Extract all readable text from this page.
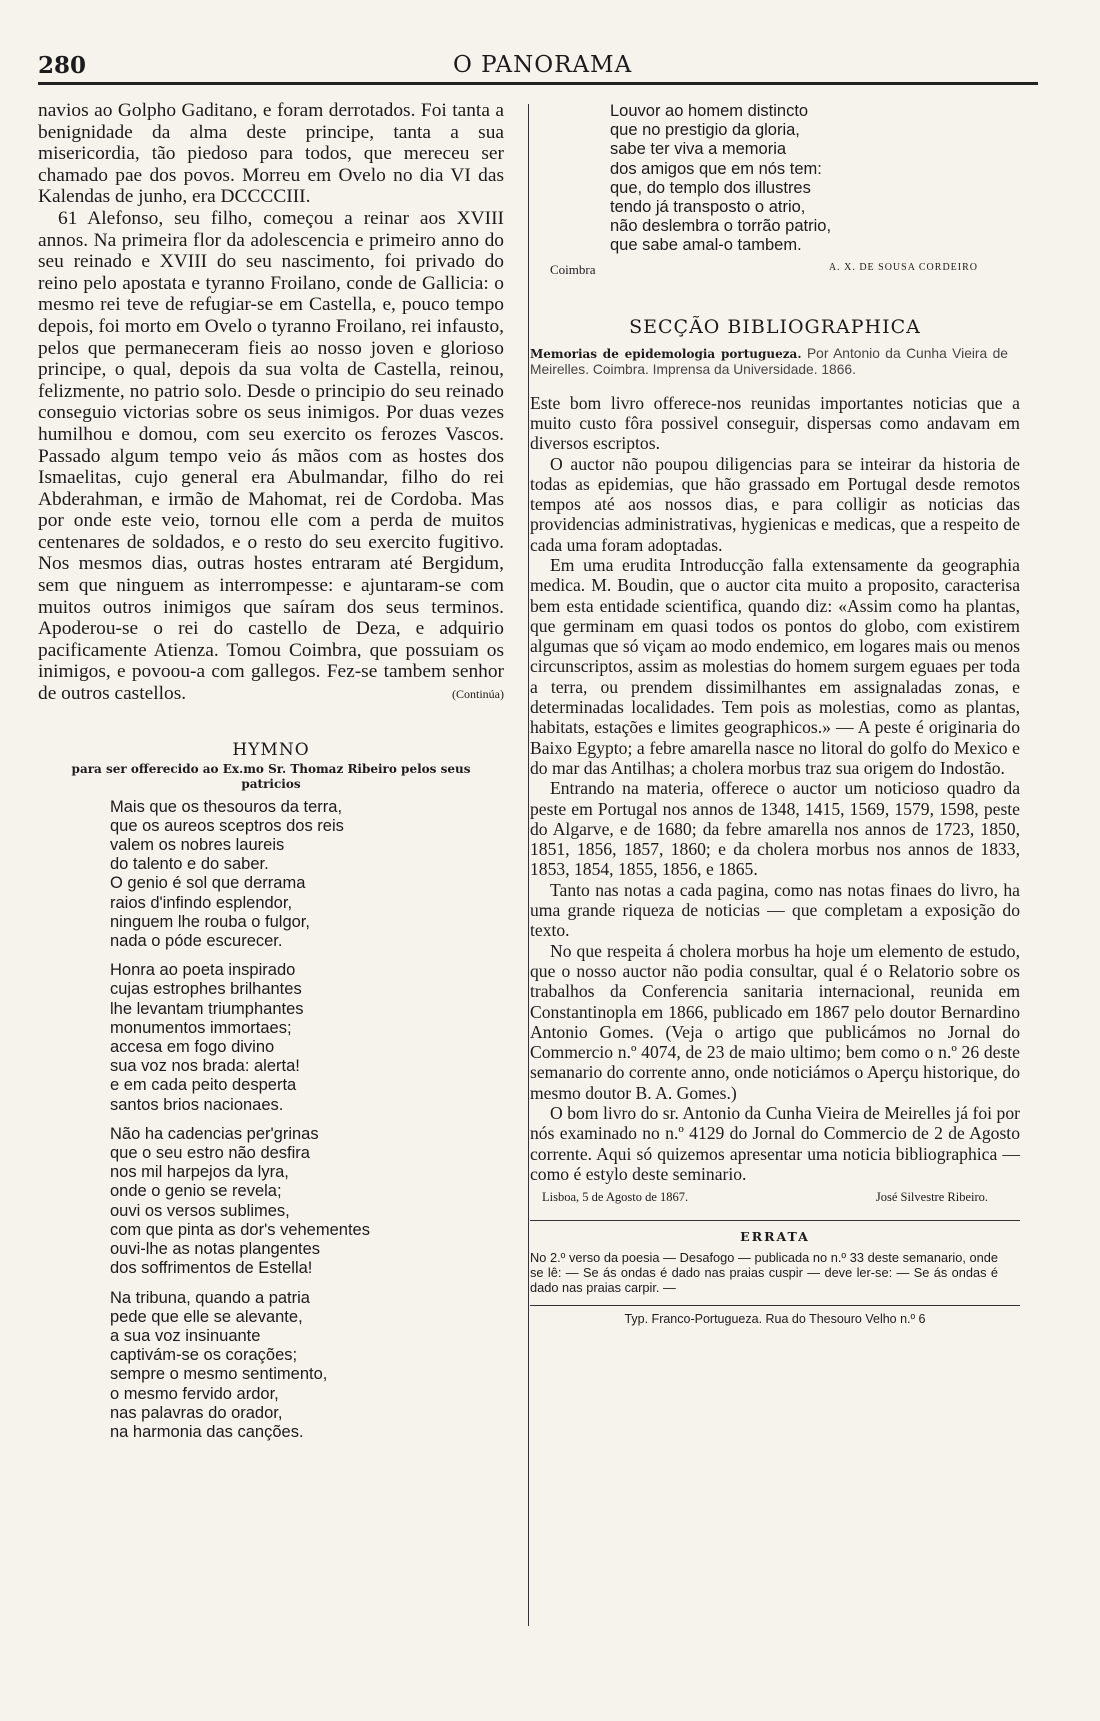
280	O PANORAMA

navios ao Golpho Gaditano, e foram derrotados. Foi tanta a benignidade da alma deste principe, tanta a sua misericordia, tão piedoso para todos, que mereceu ser chamado pae dos povos. Morreu em Ovelo no dia VI das Kalendas de junho, era DCCCCIII.

61 Alefonso, seu filho, começou a reinar aos XVIII annos. Na primeira flor da adolescencia e primeiro anno do seu reinado e XVIII do seu nascimento, foi privado do reino pelo apostata e tyranno Froilano, conde de Gallicia: o mesmo rei teve de refugiar-se em Castella, e, pouco tempo depois, foi morto em Ovelo o tyranno Froilano, rei infausto, pelos que permaneceram fieis ao nosso joven e glorioso principe, o qual, depois da sua volta de Castella, reinou, felizmente, no patrio solo. Desde o principio do seu reinado conseguio victorias sobre os seus inimigos. Por duas vezes humilhou e domou, com seu exercito os ferozes Vascos. Passado algum tempo veio ás mãos com as hostes dos Ismaelitas, cujo general era Abulmandar, filho do rei Abderahman, e irmão de Mahomat, rei de Cordoba. Mas por onde este veio, tornou elle com a perda de muitos centenares de soldados, e o resto do seu exercito fugitivo. Nos mesmos dias, outras hostes entraram até Bergidum, sem que ninguem as interrompesse: e ajuntaram-se com muitos outros inimigos que saíram dos seus terminos. Apoderou-se o rei do castello de Deza, e adquirio pacificamente Atienza. Tomou Coimbra, que possuiam os inimigos, e povoou-a com gallegos. Fez-se tambem senhor de outros castellos.	(Continúa)
HYMNO
para ser offerecido ao Ex.mo Sr. Thomaz Ribeiro pelos seus patricios
Mais que os thesouros da terra,
que os aureos sceptros dos reis
valem os nobres laureis
do talento e do saber.
O genio é sol que derrama
raios d'infindo esplendor,
ninguem lhe rouba o fulgor,
nada o póde escurecer.
Honra ao poeta inspirado
cujas estrophes brilhantes
lhe levantam triumphantes
monumentos immortaes;
accesa em fogo divino
sua voz nos brada: alerta!
e em cada peito desperta
santos brios nacionaes.
Não ha cadencias per'grinas
que o seu estro não desfira
nos mil harpejos da lyra,
onde o genio se revela;
ouvi os versos sublimes,
com que pinta as dor's vehementes
ouvi-lhe as notas plangentes
dos soffrimentos de Estella!
Na tribuna, quando a patria
pede que elle se alevante,
a sua voz insinuante
captivám-se os corações;
sempre o mesmo sentimento,
o mesmo fervido ardor,
nas palavras do orador,
na harmonia das canções.
Louvor ao homem distincto
que no prestigio da gloria,
sabe ter viva a memoria
dos amigos que em nós tem:
que, do templo dos illustres
tendo já transposto o atrio,
não deslembra o torrão patrio,
que sabe amal-o tambem.
Coimbra	A. X. DE SOUSA CORDEIRO
SECÇÃO BIBLIOGRAPHICA
Memorias de epidemologia portugueza. Por Antonio da Cunha Vieira de Meirelles. Coimbra. Imprensa da Universidade. 1866.

Este bom livro offerece-nos reunidas importantes noticias que a muito custo fôra possivel conseguir, dispersas como andavam em diversos escriptos.

O auctor não poupou diligencias para se inteirar da historia de todas as epidemias, que hão grassado em Portugal desde remotos tempos até aos nossos dias, e para colligir as noticias das providencias administrativas, hygienicas e medicas, que a respeito de cada uma foram adoptadas.

Em uma erudita Introducção falla extensamente da geographia medica. M. Boudin, que o auctor cita muito a proposito, caracterisa bem esta entidade scientifica, quando diz: «Assim como ha plantas, que germinam em quasi todos os pontos do globo, com existirem algumas que só viçam ao modo endemico, em logares mais ou menos circunscriptos, assim as molestias do homem surgem eguaes per toda a terra, ou prendem dissimilhantes em assignaladas zonas, e determinadas localidades. Tem pois as molestias, como as plantas, habitats, estações e limites geographicos.» — A peste é originaria do Baixo Egypto; a febre amarella nasce no litoral do golfo do Mexico e do mar das Antilhas; a cholera morbus traz sua origem do Indostão.

Entrando na materia, offerece o auctor um noticioso quadro da peste em Portugal nos annos de 1348, 1415, 1569, 1579, 1598, peste do Algarve, e de 1680; da febre amarella nos annos de 1723, 1850, 1851, 1856, 1857, 1860; e da cholera morbus nos annos de 1833, 1853, 1854, 1855, 1856, e 1865.

Tanto nas notas a cada pagina, como nas notas finaes do livro, ha uma grande riqueza de noticias — que completam a exposição do texto.

No que respeita á cholera morbus ha hoje um elemento de estudo, que o nosso auctor não podia consultar, qual é o Relatorio sobre os trabalhos da Conferencia sanitaria internacional, reunida em Constantinopla em 1866, publicado em 1867 pelo doutor Bernardino Antonio Gomes. (Veja o artigo que publicámos no Jornal do Commercio n.º 4074, de 23 de maio ultimo; bem como o n.º 26 deste semanario do corrente anno, onde noticiámos o Aperçu historique, do mesmo doutor B. A. Gomes.)

O bom livro do sr. Antonio da Cunha Vieira de Meirelles já foi por nós examinado no n.º 4129 do Jornal do Commercio de 2 de Agosto corrente. Aqui só quizemos apresentar uma noticia bibliographica — como é estylo deste seminario.

Lisboa, 5 de Agosto de 1867.	José Silvestre Ribeiro.
ERRATA
No 2.º verso da poesia — Desafogo — publicada no n.º 33 deste semanario, onde se lê: — Se ás ondas é dado nas praias cuspir — deve ler-se: — Se ás ondas é dado nas praias carpir. —
Typ. Franco-Portugueza. Rua do Thesouro Velho n.º 6
